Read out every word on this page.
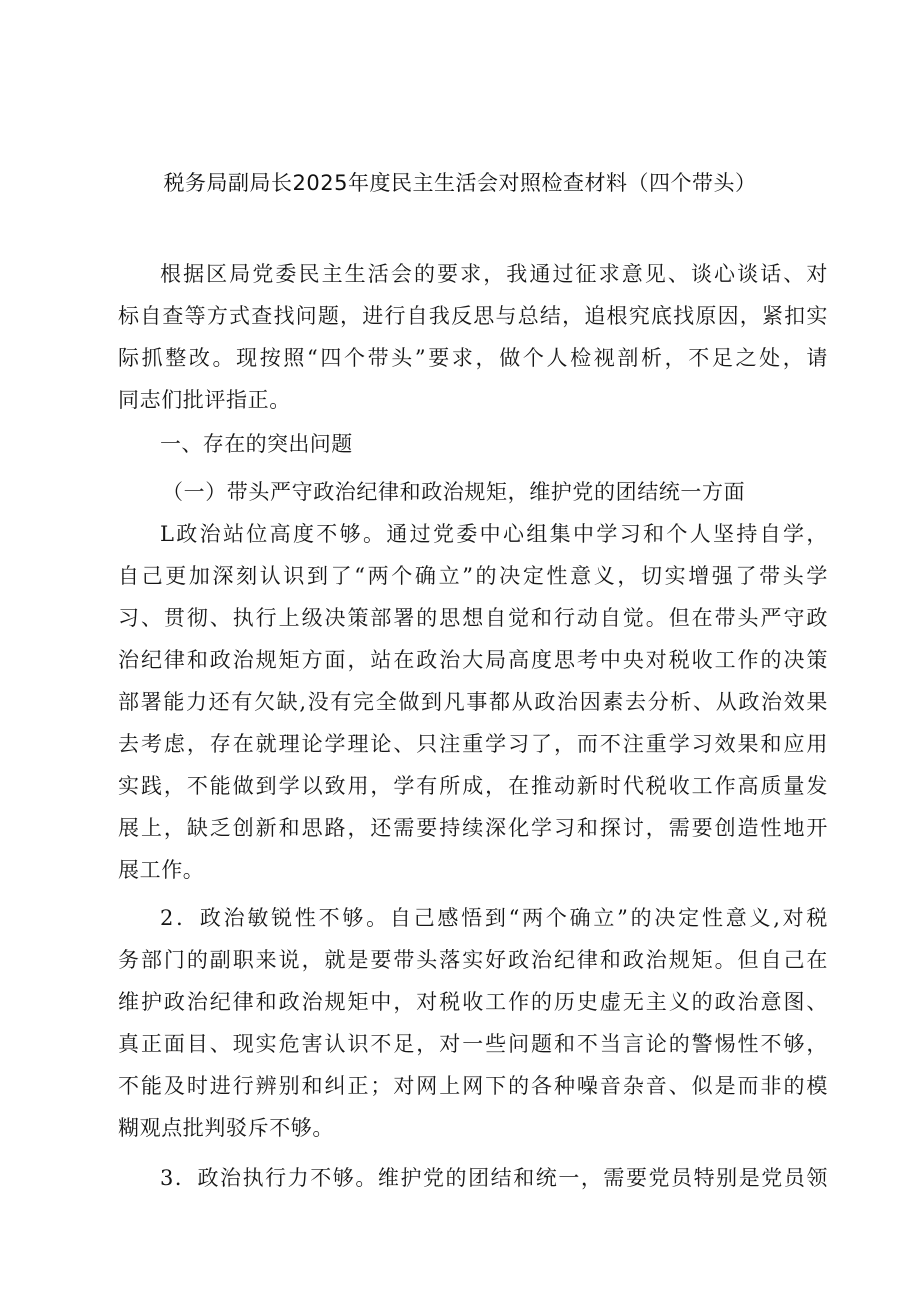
税务局副局长2025年度民主生活会对照检查材料（四个带头）
根据区局党委民主生活会的要求，我通过征求意见、谈心谈话、对
标自查等方式查找问题，进行自我反思与总结，追根究底找原因，紧扣实
际抓整改。现按照“四个带头”要求，做个人检视剖析，不足之处，请
同志们批评指正。
一、存在的突出问题
（一）带头严守政治纪律和政治规矩，维护党的团结统一方面
L政治站位高度不够。通过党委中心组集中学习和个人坚持自学，
自己更加深刻认识到了“两个确立”的决定性意义，切实增强了带头学
习、贯彻、执行上级决策部署的思想自觉和行动自觉。但在带头严守政
治纪律和政治规矩方面，站在政治大局高度思考中央对税收工作的决策
部署能力还有欠缺,没有完全做到凡事都从政治因素去分析、从政治效果
去考虑，存在就理论学理论、只注重学习了，而不注重学习效果和应用
实践，不能做到学以致用，学有所成，在推动新时代税收工作高质量发
展上，缺乏创新和思路，还需要持续深化学习和探讨，需要创造性地开
展工作。
2．政治敏锐性不够。自己感悟到“两个确立”的决定性意义,对税
务部门的副职来说，就是要带头落实好政治纪律和政治规矩。但自己在
维护政治纪律和政治规矩中，对税收工作的历史虚无主义的政治意图、
真正面目、现实危害认识不足，对一些问题和不当言论的警惕性不够，
不能及时进行辨别和纠正；对网上网下的各种噪音杂音、似是而非的模
糊观点批判驳斥不够。
3．政治执行力不够。维护党的团结和统一，需要党员特别是党员领
